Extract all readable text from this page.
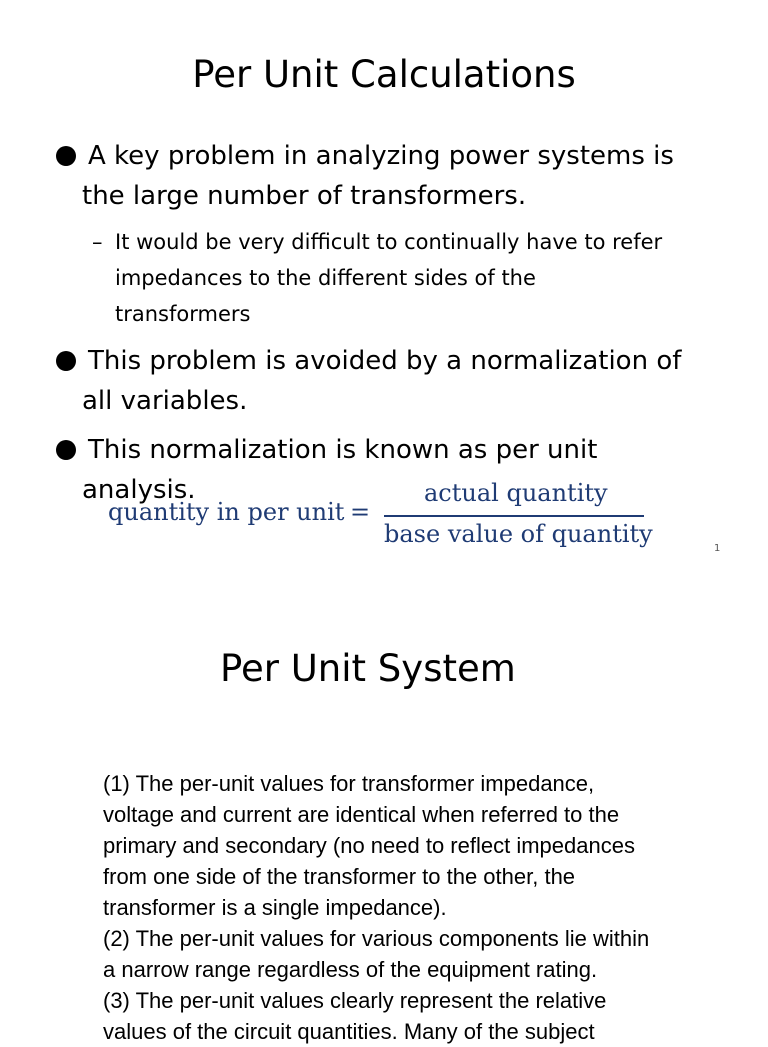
Per Unit Calculations
A key problem in analyzing power systems is
the large number of transformers.
– It would be very difficult to continually have to refer
impedances to the different sides of the
transformers
This problem is avoided by a normalization of
all variables.
This normalization is known as per unit
analysis.
quantity in per unit =
actual quantity
base value of quantity
1
Per Unit System
(1) The per-unit values for transformer impedance,
voltage and current are identical when referred to the
primary and secondary (no need to reflect impedances
from one side of the transformer to the other, the
transformer is a single impedance).
(2) The per-unit values for various components lie within
a narrow range regardless of the equipment rating.
(3) The per-unit values clearly represent the relative
values of the circuit quantities. Many of the subject
